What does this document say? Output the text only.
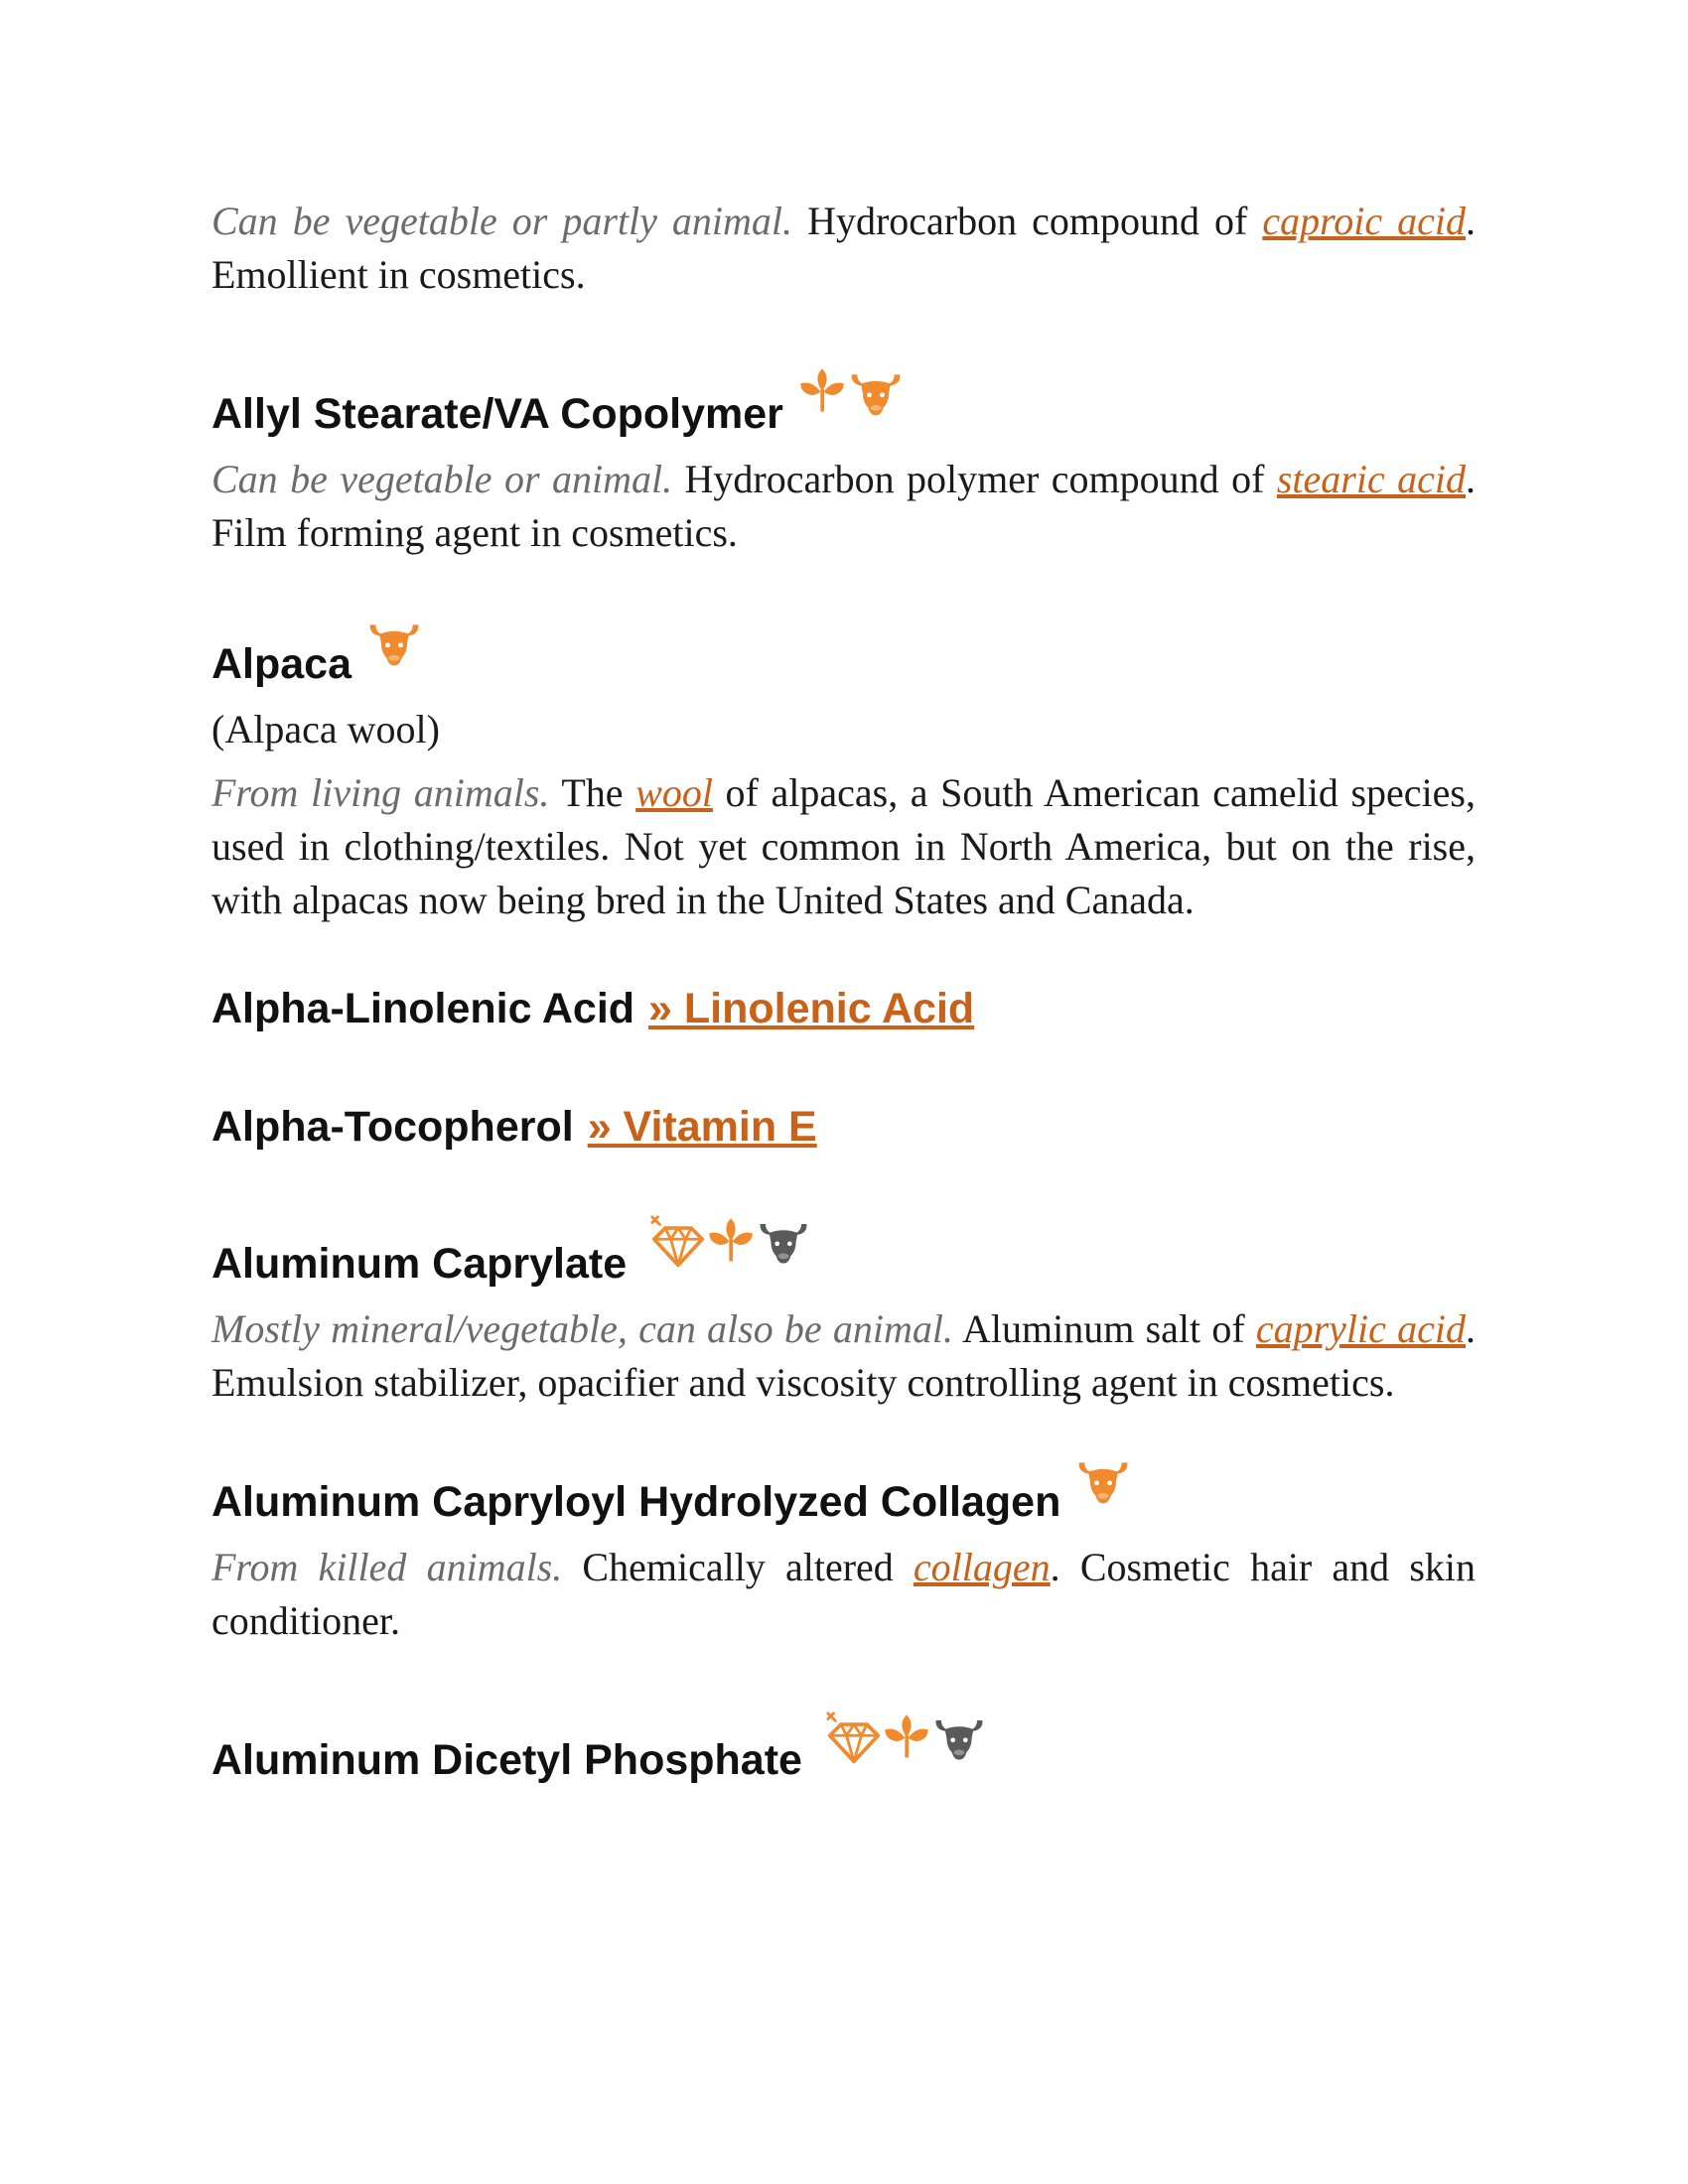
Can be vegetable or partly animal. Hydrocarbon compound of caproic acid. Emollient in cosmetics.

Allyl Stearate/VA Copolymer

Can be vegetable or animal. Hydrocarbon polymer compound of stearic acid. Film forming agent in cosmetics.

Alpaca

(Alpaca wool)

From living animals. The wool of alpacas, a South American camelid species, used in clothing/textiles. Not yet common in North America, but on the rise, with alpacas now being bred in the United States and Canada.

Alpha-Linolenic Acid » Linolenic Acid
Alpha-Tocopherol » Vitamin E
Aluminum Caprylate

Mostly mineral/vegetable, can also be animal. Aluminum salt of caprylic acid. Emulsion stabilizer, opacifier and viscosity controlling agent in cosmetics.

Aluminum Capryloyl Hydrolyzed Collagen

From killed animals. Chemically altered collagen. Cosmetic hair and skin conditioner.

Aluminum Dicetyl Phosphate
